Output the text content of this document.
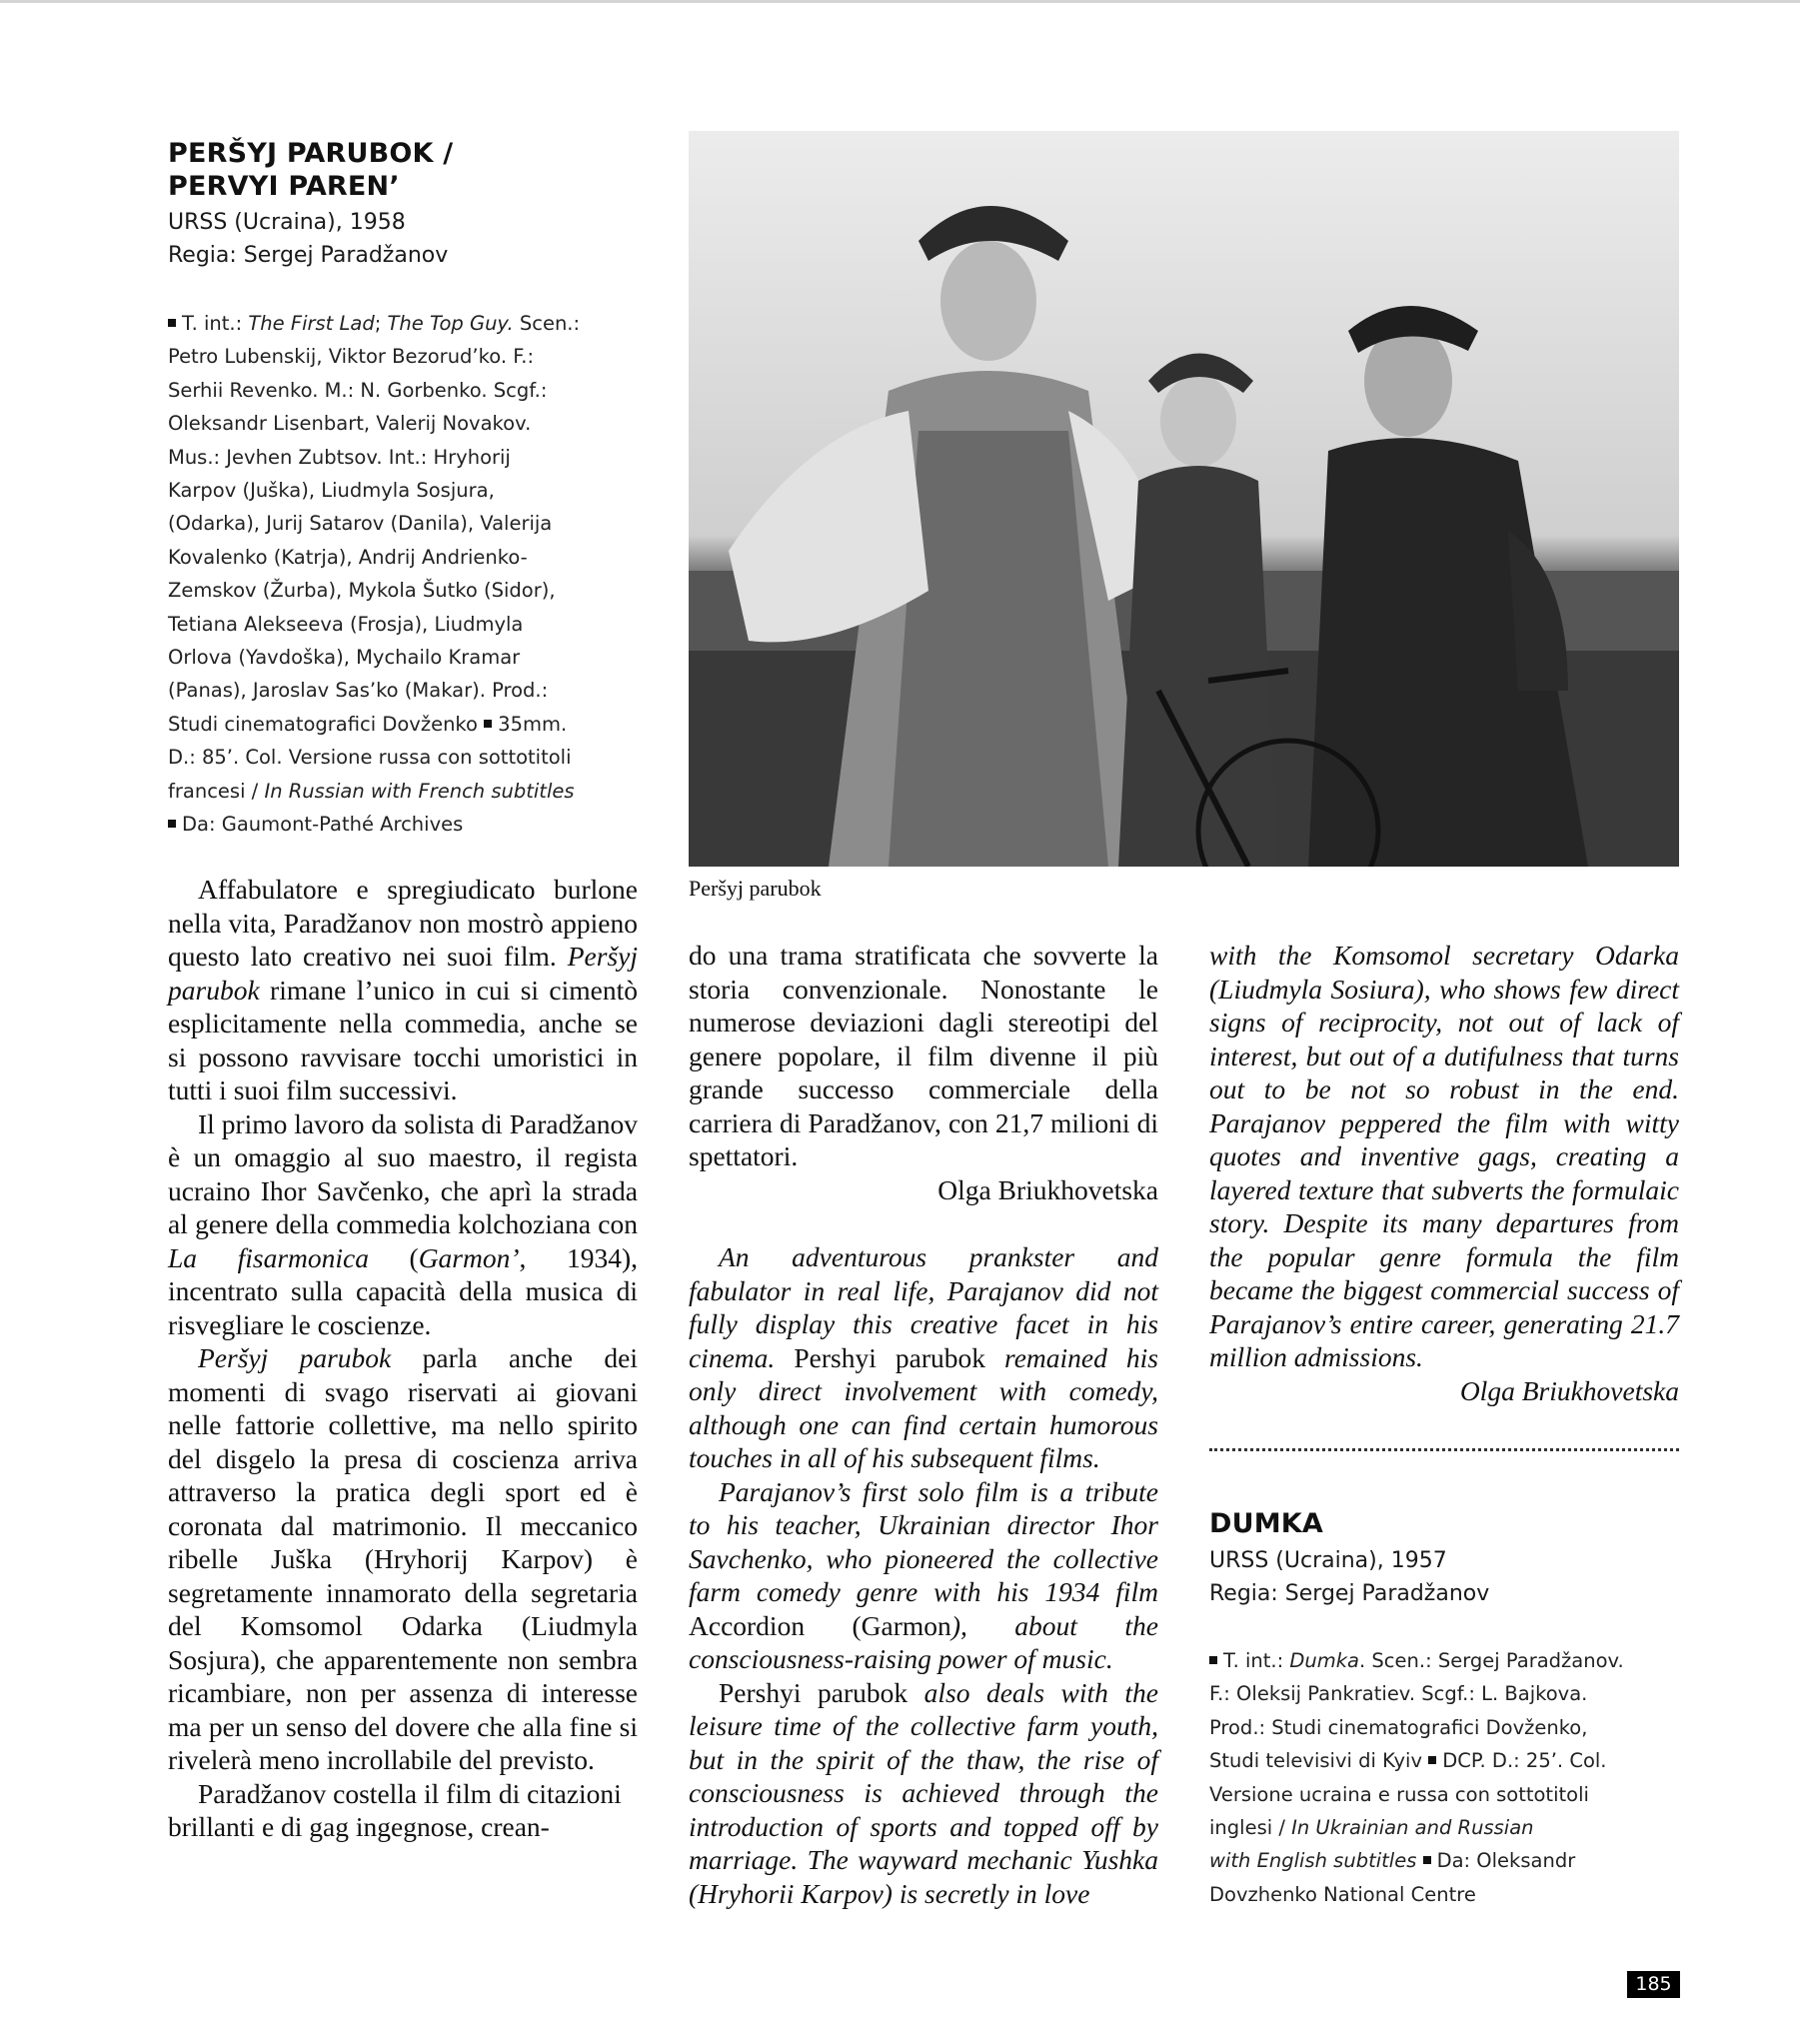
PERŠYJ PARUBOK /
PERVYI PAREN’
URSS (Ucraina), 1958
Regia: Sergej Paradžanov
T. int.: The First Lad; The Top Guy. Scen.:
Petro Lubenskij, Viktor Bezorud’ko. F.:
Serhii Revenko. M.: N. Gorbenko. Scgf.:
Oleksandr Lisenbart, Valerij Novakov.
Mus.: Jevhen Zubtsov. Int.: Hryhorij
Karpov (Juška), Liudmyla Sosjura,
(Odarka), Jurij Satarov (Danila), Valerija
Kovalenko (Katrja), Andrij Andrienko-
Zemskov (Žurba), Mykola Šutko (Sidor),
Tetiana Alekseeva (Frosja), Liudmyla
Orlova (Yavdoška), Mychailo Kramar
(Panas), Jaroslav Sas’ko (Makar). Prod.:
Studi cinematografici Dovženko 35mm.
D.: 85’. Col. Versione russa con sottotitoli
francesi / In Russian with French subtitles
Da: Gaumont-Pathé Archives

Affabulatore e spregiudicato burlone nella vita, Paradžanov non mostrò appieno questo lato creativo nei suoi film. Peršyj parubok rimane l’unico in cui si cimentò esplicitamente nella commedia, anche se si possono ravvisare tocchi umoristici in tutti i suoi film successivi.

Il primo lavoro da solista di Paradžanov è un omaggio al suo maestro, il regista ucraino Ihor Savčenko, che aprì la strada al genere della commedia kolchoziana con La fisarmonica (Garmon’, 1934), incentrato sulla capacità della musica di risvegliare le coscienze.

Peršyj parubok parla anche dei momenti di svago riservati ai giovani nelle fattorie collettive, ma nello spirito del disgelo la presa di coscienza arriva attraverso la pratica degli sport ed è coronata dal matrimonio. Il meccanico ribelle Juška (Hryhorij Karpov) è segretamente innamorato della segretaria del Komsomol Odarka (Liudmyla Sosjura), che apparentemente non sembra ricambiare, non per assenza di interesse ma per un senso del dovere che alla fine si rivelerà meno incrollabile del previsto.

Paradžanov costella il film di citazioni brillanti e di gag ingegnose, crean-

Peršyj parubok

do una trama stratificata che sovverte la storia convenzionale. Nonostante le numerose deviazioni dagli stereotipi del genere popolare, il film divenne il più grande successo commerciale della carriera di Paradžanov, con 21,7 milioni di spettatori.

Olga Briukhovetska

An adventurous prankster and fabulator in real life, Parajanov did not fully display this creative facet in his cinema. Pershyi parubok remained his only direct involvement with comedy, although one can find certain humorous touches in all of his subsequent films.

Parajanov’s first solo film is a tribute to his teacher, Ukrainian director Ihor Savchenko, who pioneered the collective farm comedy genre with his 1934 film Accordion (Garmon), about the consciousness-raising power of music.

Pershyi parubok also deals with the leisure time of the collective farm youth, but in the spirit of the thaw, the rise of consciousness is achieved through the introduction of sports and topped off by marriage. The wayward mechanic Yushka (Hryhorii Karpov) is secretly in love

with the Komsomol secretary Odarka (Liudmyla Sosiura), who shows few direct signs of reciprocity, not out of lack of interest, but out of a dutifulness that turns out to be not so robust in the end. Parajanov peppered the film with witty quotes and inventive gags, creating a layered texture that subverts the formulaic story. Despite its many departures from the popular genre formula the film became the biggest commercial success of Parajanov’s entire career, generating 21.7 million admissions.

Olga Briukhovetska

DUMKA
URSS (Ucraina), 1957
Regia: Sergej Paradžanov
T. int.: Dumka. Scen.: Sergej Paradžanov.
F.: Oleksij Pankratiev. Scgf.: L. Bajkova.
Prod.: Studi cinematografici Dovženko,
Studi televisivi di Kyiv DCP. D.: 25’. Col.
Versione ucraina e russa con sottotitoli
inglesi / In Ukrainian and Russian
with English subtitles Da: Oleksandr
Dovzhenko National Centre
185
